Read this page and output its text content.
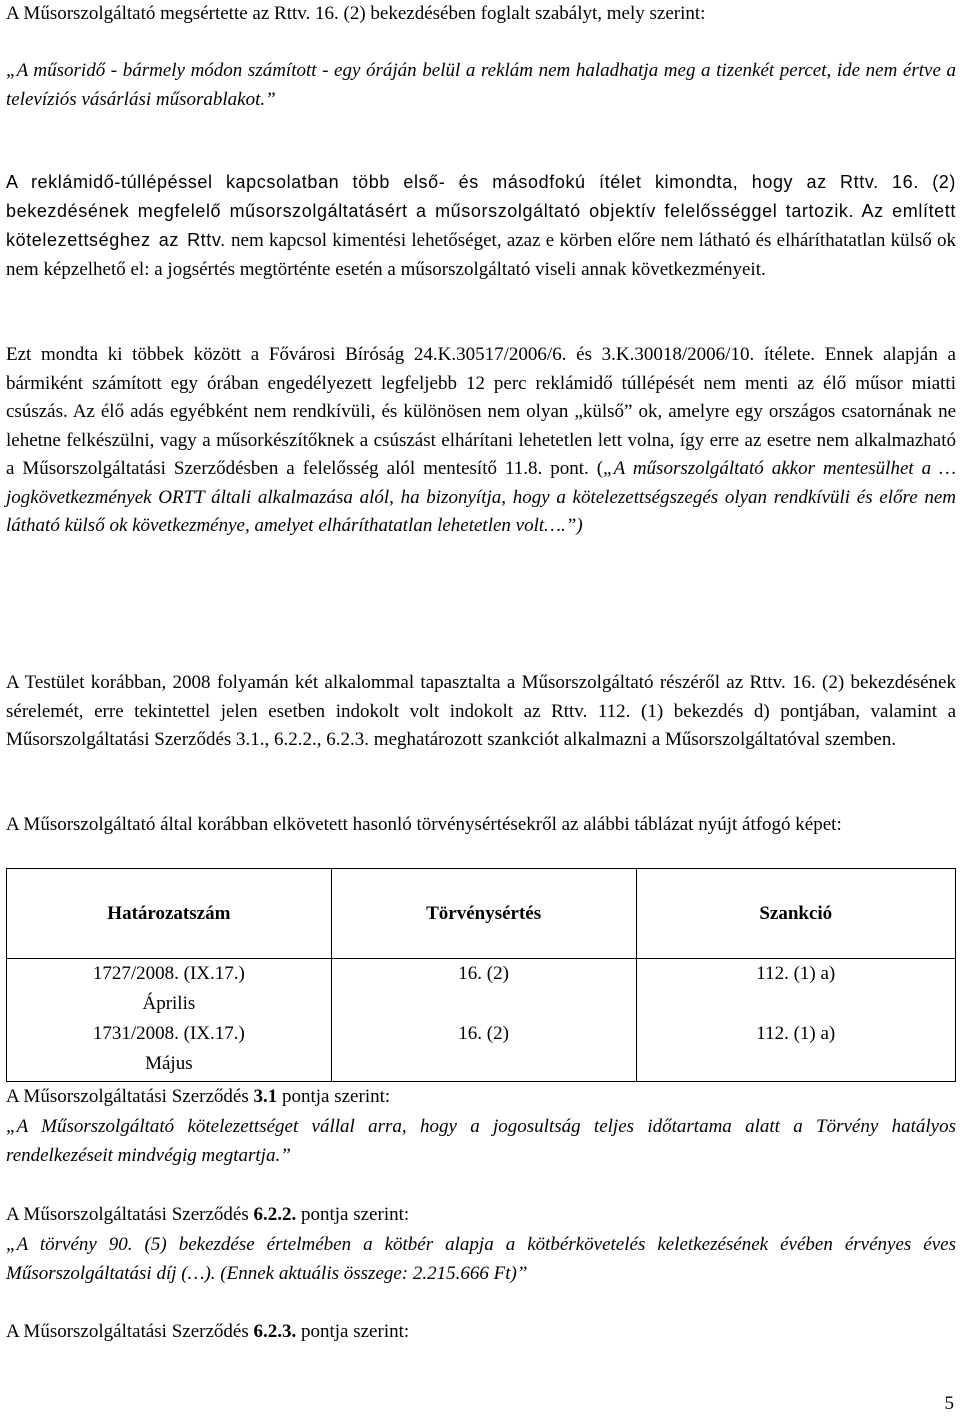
A Műsorszolgáltató megsértette az Rttv. 16. (2) bekezdésében foglalt szabályt, mely szerint:

„A műsoridő - bármely módon számított - egy óráján belül a reklám nem haladhatja meg a tizenkét percet, ide nem értve a televíziós vásárlási műsorablakot.”

A reklámidő-túllépéssel kapcsolatban több első- és másodfokú ítélet kimondta, hogy az Rttv. 16. (2) bekezdésének megfelelő műsorszolgáltatásért a műsorszolgáltató objektív felelősséggel tartozik. Az említett kötelezettséghez az Rttv. nem kapcsol kimentési lehetőséget, azaz e körben előre nem látható és elháríthatatlan külső ok nem képzelhető el: a jogsértés megtörténte esetén a műsorszolgáltató viseli annak következményeit.

Ezt mondta ki többek között a Fővárosi Bíróság 24.K.30517/2006/6. és 3.K.30018/2006/10. ítélete. Ennek alapján a bármiként számított egy órában engedélyezett legfeljebb 12 perc reklámidő túllépését nem menti az élő műsor miatti csúszás. Az élő adás egyébként nem rendkívüli, és különösen nem olyan „külső” ok, amelyre egy országos csatornának ne lehetne felkészülni, vagy a műsorkészítőknek a csúszást elhárítani lehetetlen lett volna, így erre az esetre nem alkalmazható a Műsorszolgáltatási Szerződésben a felelősség alól mentesítő 11.8. pont. („A műsorszolgáltató akkor mentesülhet a … jogkövetkezmények ORTT általi alkalmazása alól, ha bizonyítja, hogy a kötelezettségszegés olyan rendkívüli és előre nem látható külső ok következménye, amelyet elháríthatatlan lehetetlen volt….”)

A Testület korábban, 2008 folyamán két alkalommal tapasztalta a Műsorszolgáltató részéről az Rttv. 16. (2) bekezdésének sérelemét, erre tekintettel jelen esetben indokolt volt indokolt az Rttv. 112. (1) bekezdés d) pontjában, valamint a Műsorszolgáltatási Szerződés 3.1., 6.2.2., 6.2.3. meghatározott szankciót alkalmazni a Műsorszolgáltatóval szemben.

A Műsorszolgáltató által korábban elkövetett hasonló törvénysértésekről az alábbi táblázat nyújt átfogó képet:

Határozatszám	Törvénysértés	Szankció

1727/2008. (IX.17.)
Április	16. (2)	112. (1) a)

1731/2008. (IX.17.)
Május	16. (2)	112. (1) a)

A Műsorszolgáltatási Szerződés 3.1 pontja szerint:

„A Műsorszolgáltató kötelezettséget vállal arra, hogy a jogosultság teljes időtartama alatt a Törvény hatályos rendelkezéseit mindvégig megtartja.”

A Műsorszolgáltatási Szerződés 6.2.2. pontja szerint:

„A törvény 90. (5) bekezdése értelmében a kötbér alapja a kötbérkövetelés keletkezésének évében érvényes éves Műsorszolgáltatási díj (…). (Ennek aktuális összege: 2.215.666 Ft)”

A Műsorszolgáltatási Szerződés 6.2.3. pontja szerint:

5
